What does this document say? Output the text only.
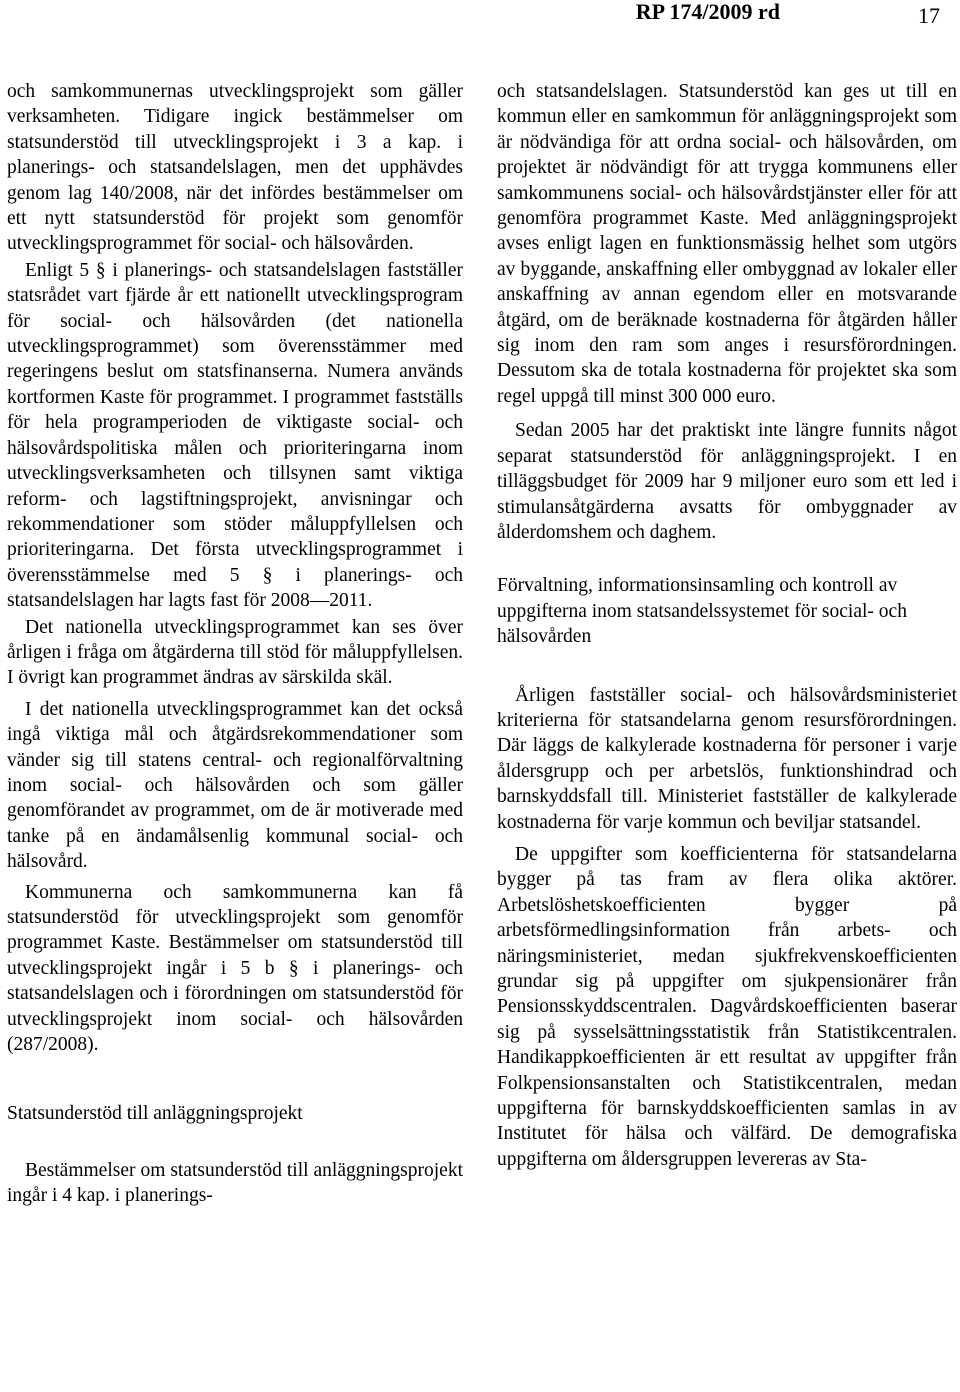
RP 174/2009 rd	17

och samkommunernas utvecklingsprojekt som gäller verksamheten. Tidigare ingick bestämmelser om statsunderstöd till utvecklingsprojekt i 3 a kap. i planerings- och statsandelslagen, men det upphävdes genom lag 140/2008, när det infördes bestämmelser om ett nytt statsunderstöd för projekt som genomför utvecklingsprogrammet för social- och hälsovården.

Enligt 5 § i planerings- och statsandelslagen fastställer statsrådet vart fjärde år ett nationellt utvecklingsprogram för social- och hälsovården (det nationella utvecklingsprogrammet) som överensstämmer med regeringens beslut om statsfinanserna. Numera används kortformen Kaste för programmet. I programmet fastställs för hela programperioden de viktigaste social- och hälsovårdspolitiska målen och prioriteringarna inom utvecklingsverksamheten och tillsynen samt viktiga reform- och lagstiftningsprojekt, anvisningar och rekommendationer som stöder måluppfyllelsen och prioriteringarna. Det första utvecklingsprogrammet i överensstämmelse med 5 § i planerings- och statsandelslagen har lagts fast för 2008—2011.

Det nationella utvecklingsprogrammet kan ses över årligen i fråga om åtgärderna till stöd för måluppfyllelsen. I övrigt kan programmet ändras av särskilda skäl.

I det nationella utvecklingsprogrammet kan det också ingå viktiga mål och åtgärdsrekommendationer som vänder sig till statens central- och regionalförvaltning inom social- och hälsovården och som gäller genomförandet av programmet, om de är motiverade med tanke på en ändamålsenlig kommunal social- och hälsovård.

Kommunerna och samkommunerna kan få statsunderstöd för utvecklingsprojekt som genomför programmet Kaste. Bestämmelser om statsunderstöd till utvecklingsprojekt ingår i 5 b § i planerings- och statsandelslagen och i förordningen om statsunderstöd för utvecklingsprojekt inom social- och hälsovården (287/2008).

Statsunderstöd till anläggningsprojekt

Bestämmelser om statsunderstöd till anläggningsprojekt ingår i 4 kap. i planerings-

och statsandelslagen. Statsunderstöd kan ges ut till en kommun eller en samkommun för anläggningsprojekt som är nödvändiga för att ordna social- och hälsovården, om projektet är nödvändigt för att trygga kommunens eller samkommunens social- och hälsovårdstjänster eller för att genomföra programmet Kaste. Med anläggningsprojekt avses enligt lagen en funktionsmässig helhet som utgörs av byggande, anskaffning eller ombyggnad av lokaler eller anskaffning av annan egendom eller en motsvarande åtgärd, om de beräknade kostnaderna för åtgärden håller sig inom den ram som anges i resursförordningen. Dessutom ska de totala kostnaderna för projektet ska som regel uppgå till minst 300 000 euro.

Sedan 2005 har det praktiskt inte längre funnits något separat statsunderstöd för anläggningsprojekt. I en tilläggsbudget för 2009 har 9 miljoner euro som ett led i stimulansåtgärderna avsatts för ombyggnader av ålderdomshem och daghem.

Förvaltning, informationsinsamling och kontroll av uppgifterna inom statsandelssystemet för social- och hälsovården

Årligen fastställer social- och hälsovårdsministeriet kriterierna för statsandelarna genom resursförordningen. Där läggs de kalkylerade kostnaderna för personer i varje åldersgrupp och per arbetslös, funktionshindrad och barnskyddsfall till. Ministeriet fastställer de kalkylerade kostnaderna för varje kommun och beviljar statsandel.

De uppgifter som koefficienterna för statsandelarna bygger på tas fram av flera olika aktörer. Arbetslöshetskoefficienten bygger på arbetsförmedlingsinformation från arbets- och näringsministeriet, medan sjukfrekvenskoefficienten grundar sig på uppgifter om sjukpensionärer från Pensionsskyddscentralen. Dagvårdskoefficienten baserar sig på sysselsättningsstatistik från Statistikcentralen. Handikappkoefficienten är ett resultat av uppgifter från Folkpensionsanstalten och Statistikcentralen, medan uppgifterna för barnskyddskoefficienten samlas in av Institutet för hälsa och välfärd. De demografiska uppgifterna om åldersgruppen levereras av Sta-
